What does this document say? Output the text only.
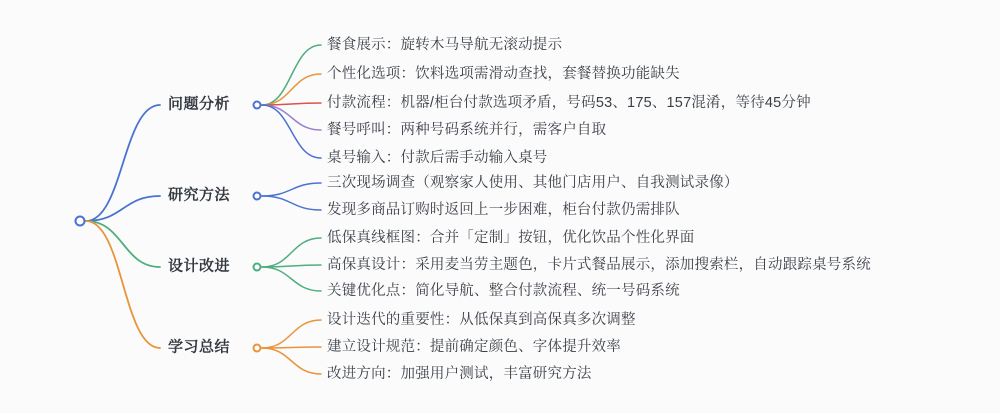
问题分析
餐食展示：旋转木马导航无滚动提示
个性化选项：饮料选项需滑动查找，套餐替换功能缺失
付款流程：机器/柜台付款选项矛盾，号码53、175、157混淆，等待45分钟
餐号呼叫：两种号码系统并行，需客户自取
桌号输入：付款后需手动输入桌号
研究方法
三次现场调查（观察家人使用、其他门店用户、自我测试录像）
发现多商品订购时返回上一步困难，柜台付款仍需排队
设计改进
低保真线框图：合并「定制」按钮，优化饮品个性化界面
高保真设计：采用麦当劳主题色，卡片式餐品展示，添加搜索栏，自动跟踪桌号系统
关键优化点：简化导航、整合付款流程、统一号码系统
学习总结
设计迭代的重要性：从低保真到高保真多次调整
建立设计规范：提前确定颜色、字体提升效率
改进方向：加强用户测试，丰富研究方法
